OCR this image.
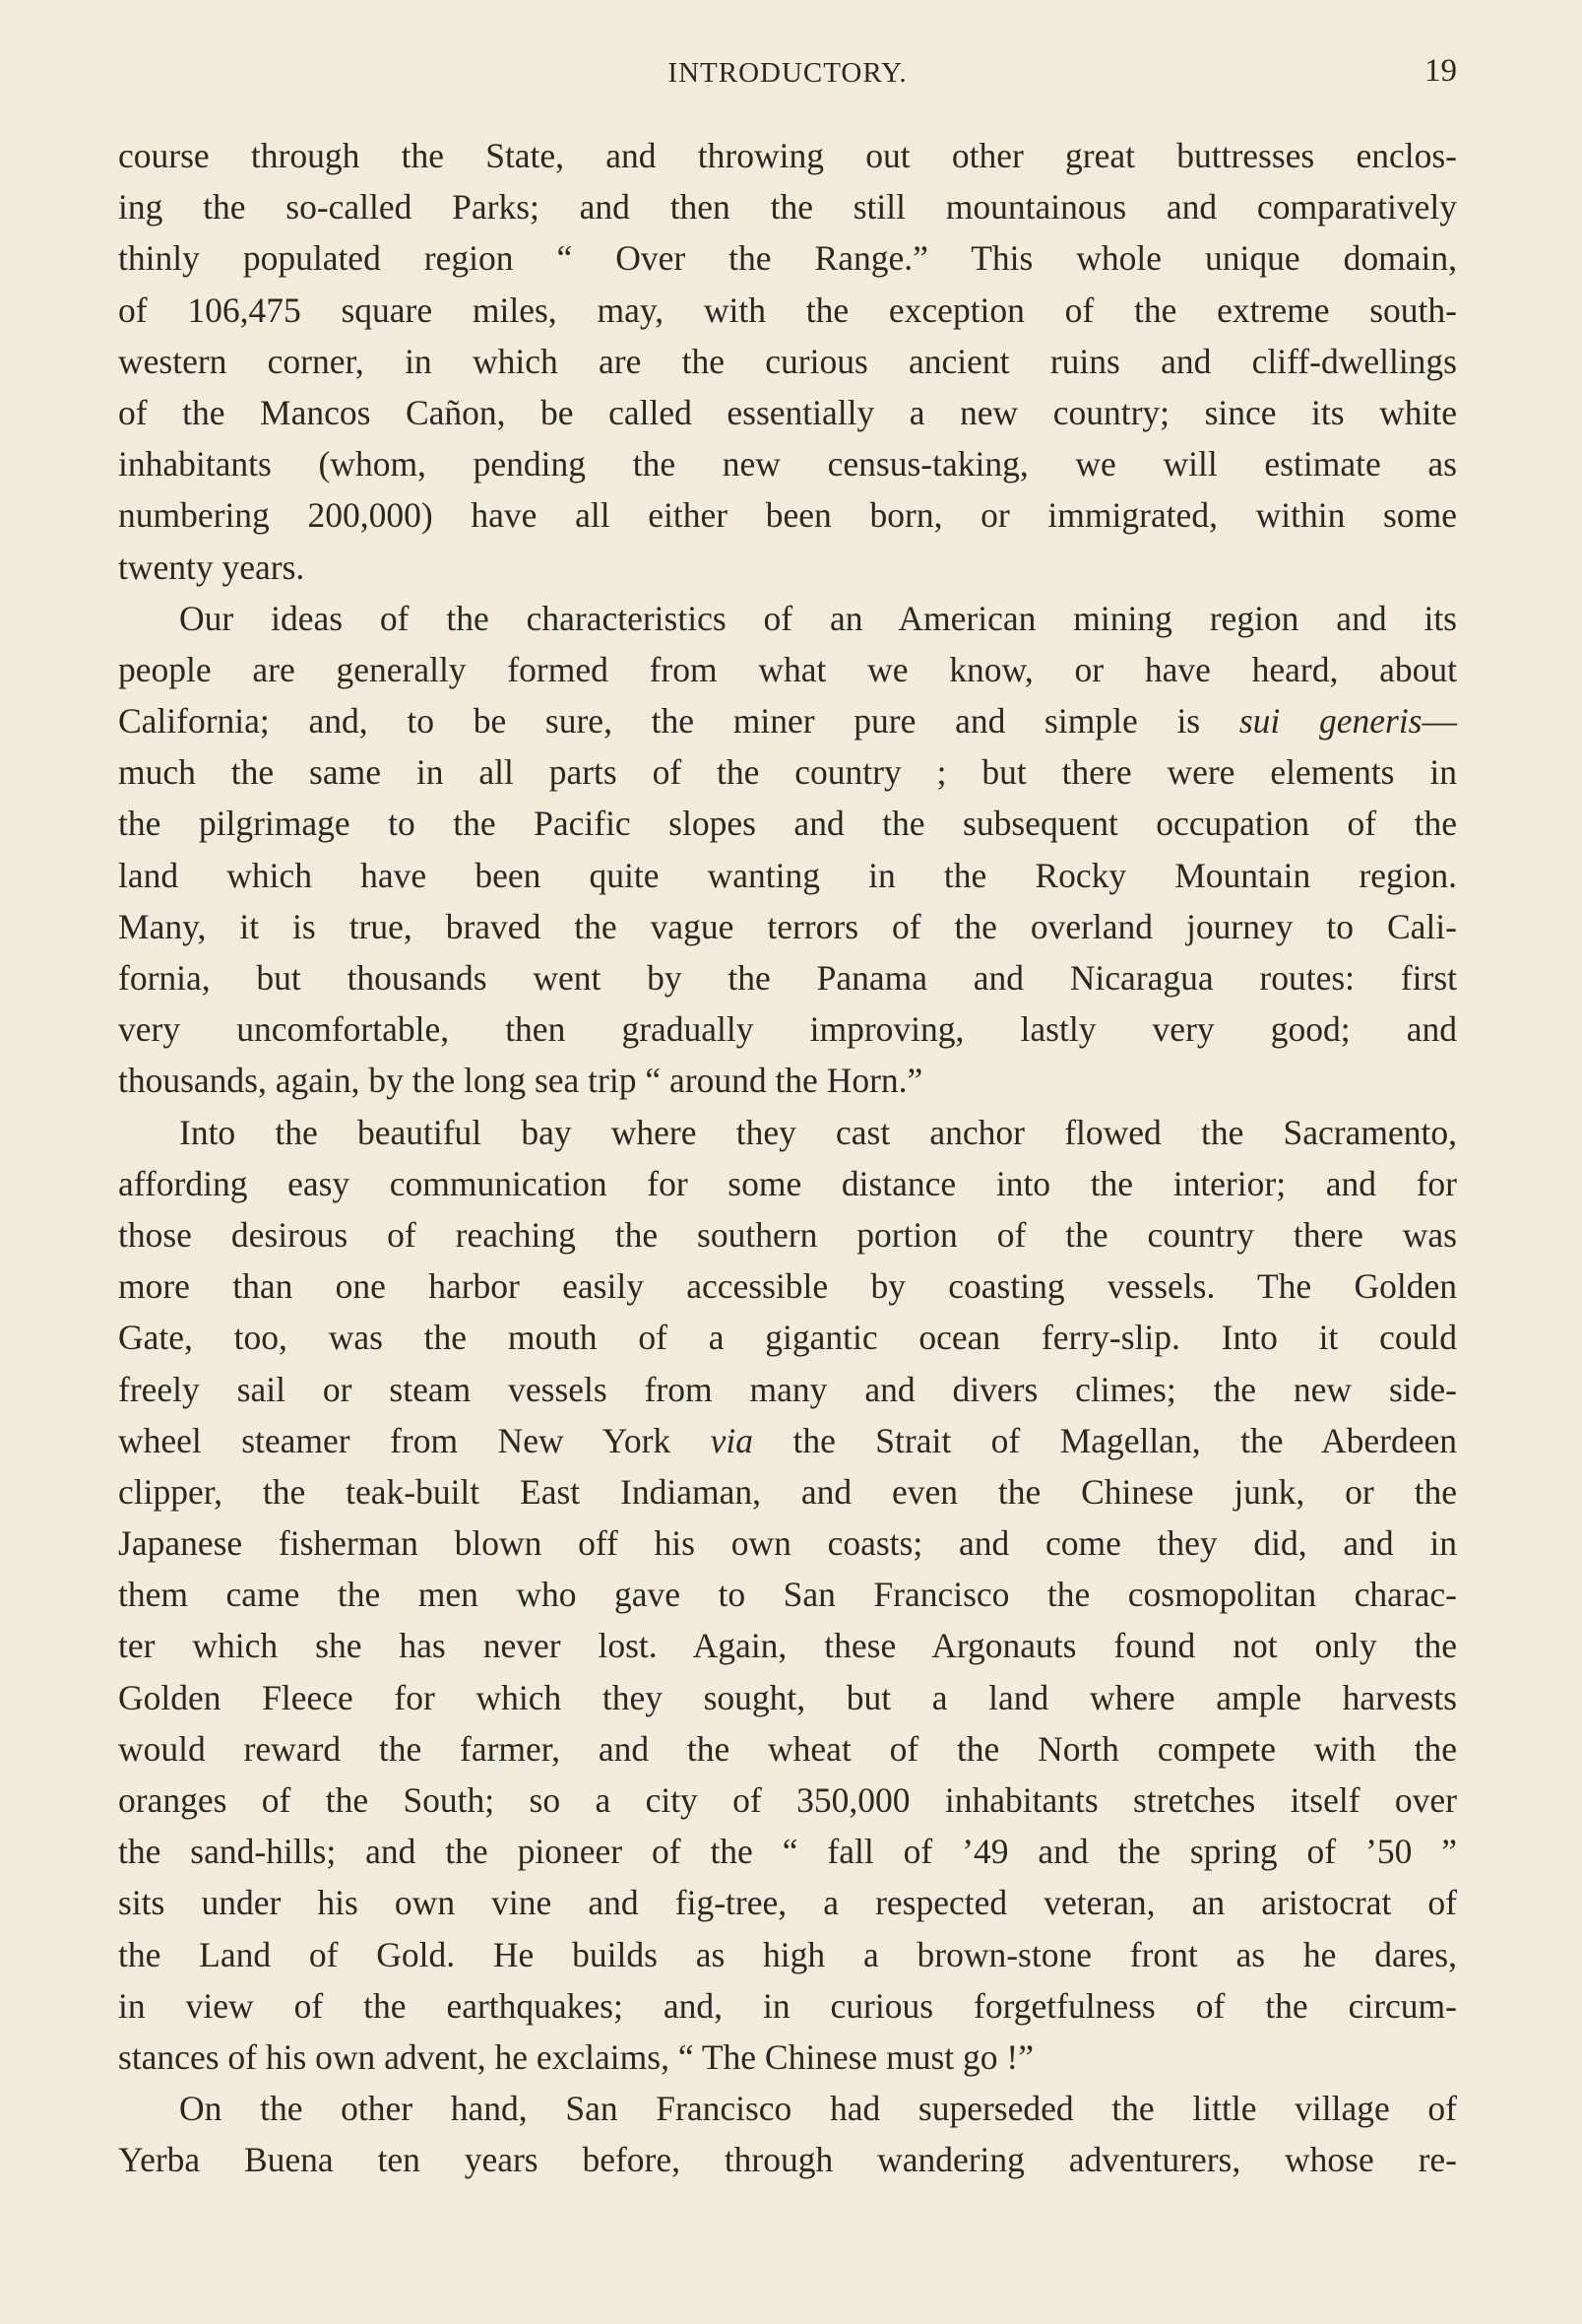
INTRODUCTORY.	19
course through the State, and throwing out other great buttresses enclos-
ing the so-called Parks; and then the still mountainous and comparatively
thinly populated region “ Over the Range.” This whole unique domain,
of 106,475 square miles, may, with the exception of the extreme south-
western corner, in which are the curious ancient ruins and cliff-dwellings
of the Mancos Cañon, be called essentially a new country; since its white
inhabitants (whom, pending the new census-taking, we will estimate as
numbering 200,000) have all either been born, or immigrated, within some
twenty years.
Our ideas of the characteristics of an American mining region and its
people are generally formed from what we know, or have heard, about
California; and, to be sure, the miner pure and simple is sui generis—
much the same in all parts of the country ; but there were elements in
the pilgrimage to the Pacific slopes and the subsequent occupation of the
land which have been quite wanting in the Rocky Mountain region.
Many, it is true, braved the vague terrors of the overland journey to Cali-
fornia, but thousands went by the Panama and Nicaragua routes: first
very uncomfortable, then gradually improving, lastly very good; and
thousands, again, by the long sea trip “ around the Horn.”
Into the beautiful bay where they cast anchor flowed the Sacramento,
affording easy communication for some distance into the interior; and for
those desirous of reaching the southern portion of the country there was
more than one harbor easily accessible by coasting vessels. The Golden
Gate, too, was the mouth of a gigantic ocean ferry-slip. Into it could
freely sail or steam vessels from many and divers climes; the new side-
wheel steamer from New York via the Strait of Magellan, the Aberdeen
clipper, the teak-built East Indiaman, and even the Chinese junk, or the
Japanese fisherman blown off his own coasts; and come they did, and in
them came the men who gave to San Francisco the cosmopolitan charac-
ter which she has never lost. Again, these Argonauts found not only the
Golden Fleece for which they sought, but a land where ample harvests
would reward the farmer, and the wheat of the North compete with the
oranges of the South; so a city of 350,000 inhabitants stretches itself over
the sand-hills; and the pioneer of the “ fall of ’49 and the spring of ’50 ”
sits under his own vine and fig-tree, a respected veteran, an aristocrat of
the Land of Gold. He builds as high a brown-stone front as he dares,
in view of the earthquakes; and, in curious forgetfulness of the circum-
stances of his own advent, he exclaims, “ The Chinese must go !”
On the other hand, San Francisco had superseded the little village of
Yerba Buena ten years before, through wandering adventurers, whose re-
